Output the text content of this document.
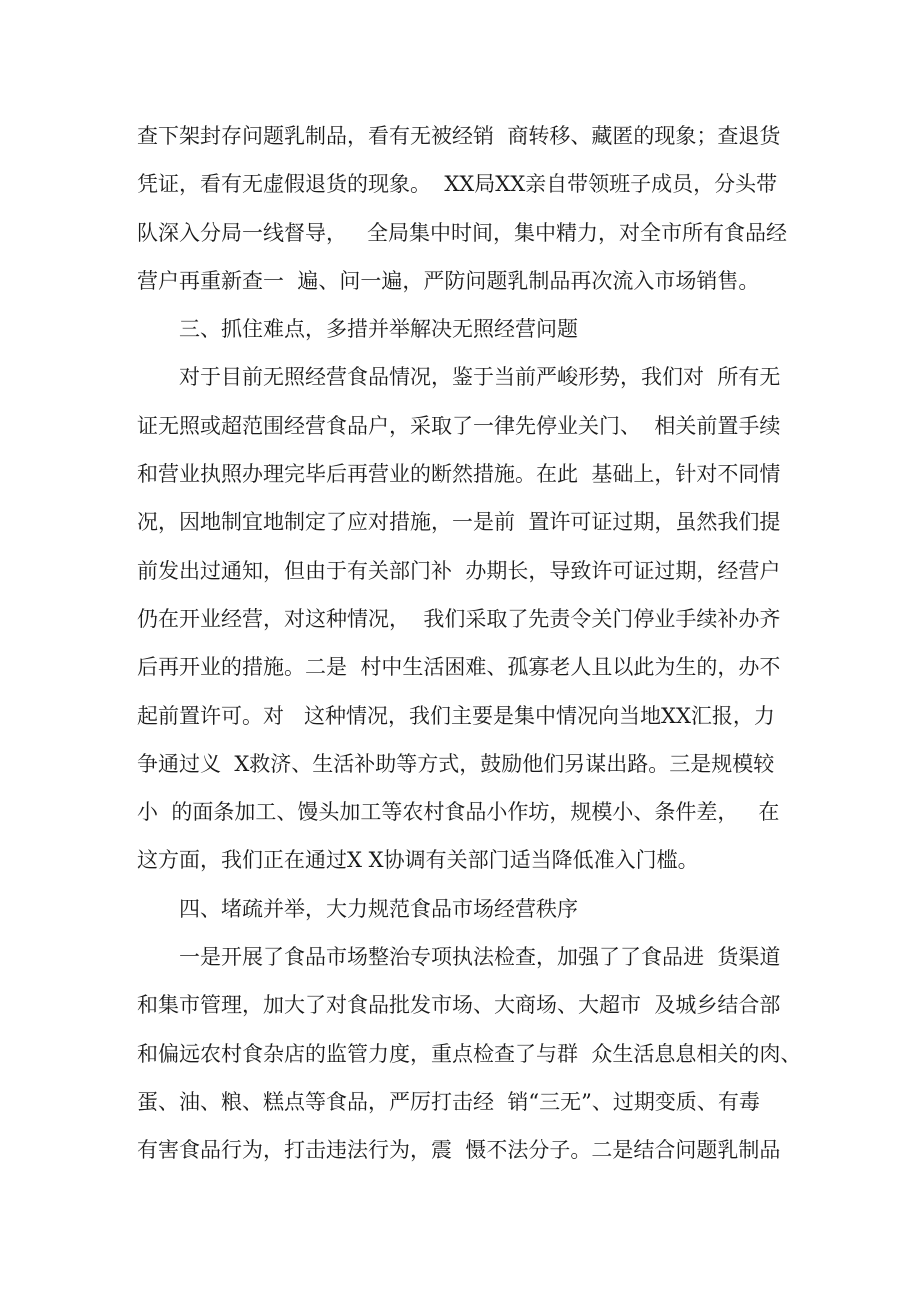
查下架封存问题乳制品，看有无被经销  商转移、藏匿的现象；查退货
凭证，看有无虚假退货的现象。  XX局XX亲自带领班子成员，分头带
队深入分局一线督导，   全局集中时间，集中精力，对全市所有食品经
营户再重新查一  遍、问一遍，严防问题乳制品再次流入市场销售。
三、抓住难点，多措并举解决无照经营问题
对于目前无照经营食品情况，鉴于当前严峻形势，我们对  所有无
证无照或超范围经营食品户，采取了一律先停业关门、  相关前置手续
和营业执照办理完毕后再营业的断然措施。在此  基础上，针对不同情
况，因地制宜地制定了应对措施，一是前  置许可证过期，虽然我们提
前发出过通知，但由于有关部门补  办期长，导致许可证过期，经营户
仍在开业经营，对这种情况，  我们采取了先责令关门停业手续补办齐
后再开业的措施。二是  村中生活困难、孤寡老人且以此为生的，办不
起前置许可。对   这种情况，我们主要是集中情况向当地XX汇报，力
争通过义  X救济、生活补助等方式，鼓励他们另谋出路。三是规模较
小  的面条加工、馒头加工等农村食品小作坊，规模小、条件差，   在
这方面，我们正在通过X X协调有关部门适当降低准入门槛。
四、堵疏并举，大力规范食品市场经营秩序
一是开展了食品市场整治专项执法检查，加强了了食品进  货渠道
和集市管理，加大了对食品批发市场、大商场、大超市  及城乡结合部
和偏远农村食杂店的监管力度，重点检查了与群  众生活息息相关的肉、
蛋、油、粮、糕点等食品，严厉打击经  销“三无”、过期变质、有毒
有害食品行为，打击违法行为，震  慑不法分子。二是结合问题乳制品
